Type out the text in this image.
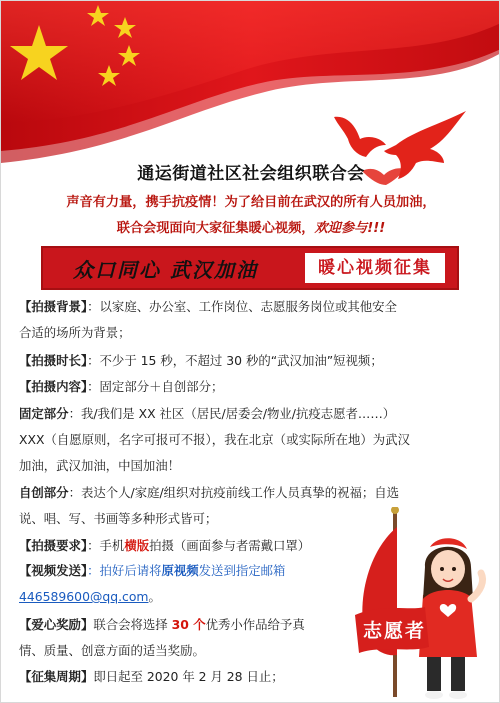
通运街道社区社会组织联合会
声音有力量，携手抗疫情！为了给目前在武汉的所有人员加油，
联合会现面向大家征集暖心视频，欢迎参与!!!
众口同心 武汉加油	暖心视频征集
【拍摄背景】：以家庭、办公室、工作岗位、志愿服务岗位或其他安全
合适的场所为背景；
【拍摄时长】：不少于 15 秒，不超过 30 秒的“武汉加油”短视频；
【拍摄内容】：固定部分＋自创部分；
固定部分：我/我们是 XX 社区（居民/居委会/物业/抗疫志愿者……）
XXX（自愿原则，名字可报可不报），我在北京（或实际所在地）为武汉
加油，武汉加油，中国加油！
自创部分：表达个人/家庭/组织对抗疫前线工作人员真挚的祝福；自选
说、唱、写、书画等多种形式皆可；
【拍摄要求】：手机横版拍摄（画面参与者需戴口罩）
【视频发送】：拍好后请将原视频发送到指定邮箱
446589600@qq.com。
【爱心奖励】联合会将选择 30 个优秀小作品给予真
情、质量、创意方面的适当奖励。
【征集周期】即日起至 2020 年 2 月 28 日止；
志愿者
